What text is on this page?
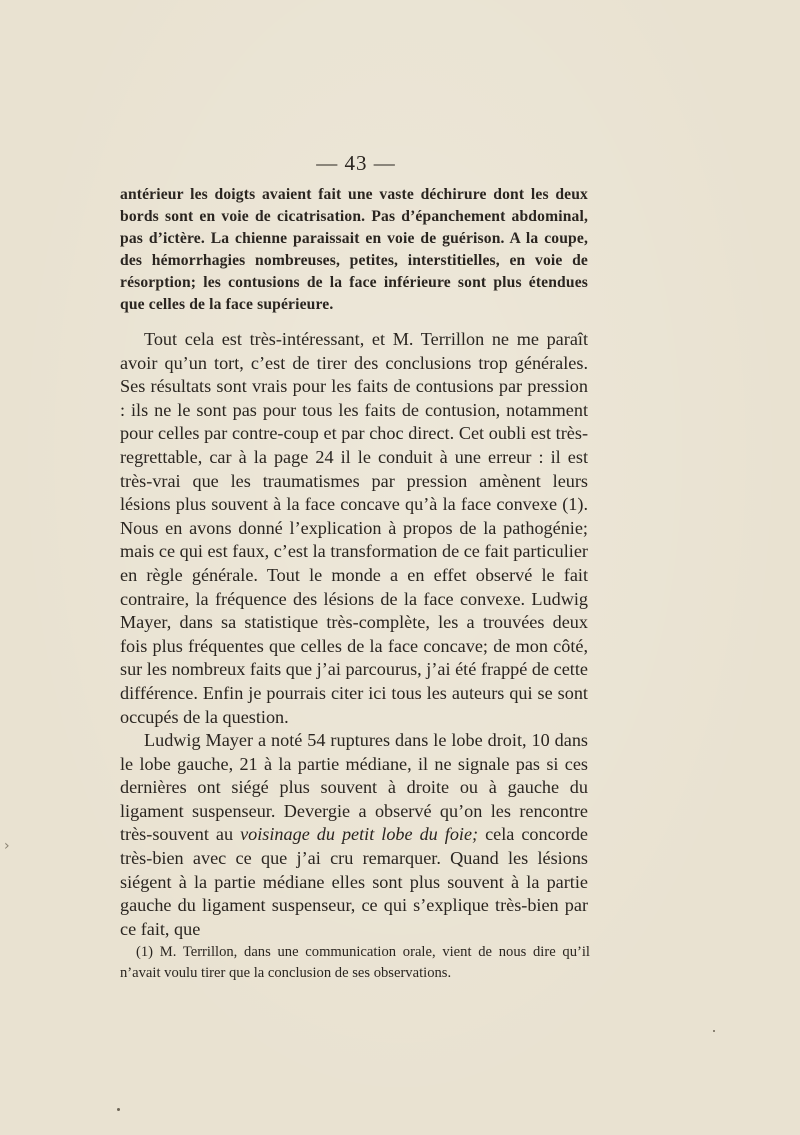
— 43 —

antérieur les doigts avaient fait une vaste déchirure dont les deux bords sont en voie de cicatrisation. Pas d’épanchement abdominal, pas d’ictère. La chienne paraissait en voie de guérison. A la coupe, des hémorrhagies nombreuses, petites, interstitielles, en voie de résorption; les contusions de la face inférieure sont plus étendues que celles de la face supérieure.

Tout cela est très-intéressant, et M. Terrillon ne me paraît avoir qu’un tort, c’est de tirer des conclusions trop générales. Ses résultats sont vrais pour les faits de contusions par pression : ils ne le sont pas pour tous les faits de contusion, notamment pour celles par contre-coup et par choc direct. Cet oubli est très-regrettable, car à la page 24 il le conduit à une erreur : il est très-vrai que les traumatismes par pression amènent leurs lésions plus souvent à la face concave qu’à la face convexe (1). Nous en avons donné l’explication à propos de la pathogénie; mais ce qui est faux, c’est la transformation de ce fait particulier en règle générale. Tout le monde a en effet observé le fait contraire, la fréquence des lésions de la face convexe. Ludwig Mayer, dans sa statistique très-complète, les a trouvées deux fois plus fréquentes que celles de la face concave; de mon côté, sur les nombreux faits que j’ai parcourus, j’ai été frappé de cette différence. Enfin je pourrais citer ici tous les auteurs qui se sont occupés de la question.

Ludwig Mayer a noté 54 ruptures dans le lobe droit, 10 dans le lobe gauche, 21 à la partie médiane, il ne signale pas si ces dernières ont siégé plus souvent à droite ou à gauche du ligament suspenseur. Devergie a observé qu’on les rencontre très-souvent au voisinage du petit lobe du foie; cela concorde très-bien avec ce que j’ai cru remarquer. Quand les lésions siégent à la partie médiane elles sont plus souvent à la partie gauche du ligament suspenseur, ce qui s’explique très-bien par ce fait, que

(1) M. Terrillon, dans une communication orale, vient de nous dire qu’il n’avait voulu tirer que la conclusion de ses observations.

›
